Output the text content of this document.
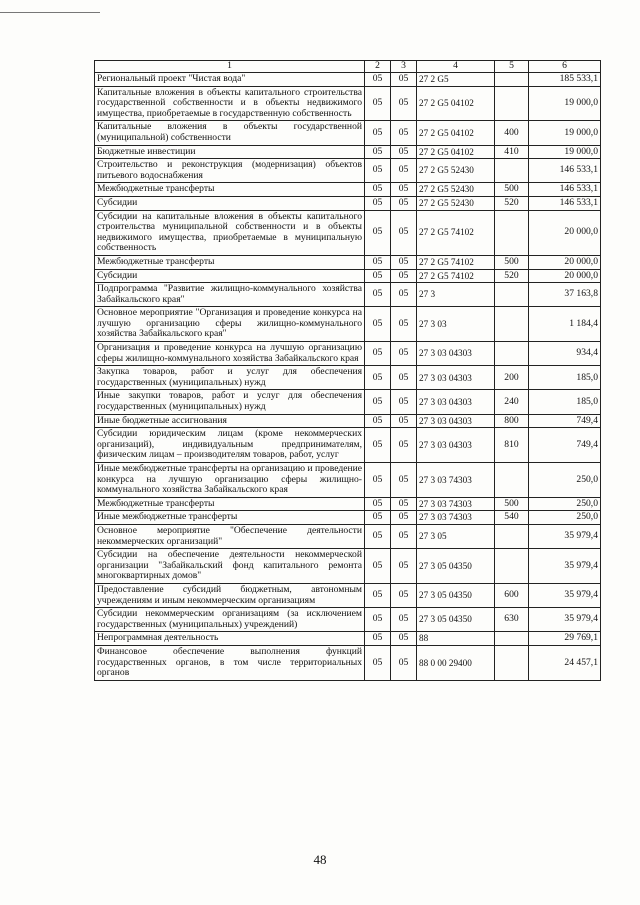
1	2	3	4	5	6
Региональный проект "Чистая вода"	05	05	27 2 G5		185 533,1
Капитальные вложения в объекты капитального строительства государственной собственности и в объекты недвижимого имущества, приобретаемые в государственную собственность	05	05	27 2 G5 04102		19 000,0
Капитальные вложения в объекты государственной (муниципальной) собственности	05	05	27 2 G5 04102	400	19 000,0
Бюджетные инвестиции	05	05	27 2 G5 04102	410	19 000,0
Строительство и реконструкция (модернизация) объектов питьевого водоснабжения	05	05	27 2 G5 52430		146 533,1
Межбюджетные трансферты	05	05	27 2 G5 52430	500	146 533,1
Субсидии	05	05	27 2 G5 52430	520	146 533,1
Субсидии на капитальные вложения в объекты капитального строительства муниципальной собственности и в объекты недвижимого имущества, приобретаемые в муниципальную собственность	05	05	27 2 G5 74102		20 000,0
Межбюджетные трансферты	05	05	27 2 G5 74102	500	20 000,0
Субсидии	05	05	27 2 G5 74102	520	20 000,0
Подпрограмма "Развитие жилищно-коммунального хозяйства Забайкальского края"	05	05	27 3		37 163,8
Основное мероприятие "Организация и проведение конкурса на лучшую организацию сферы жилищно-коммунального хозяйства Забайкальского края"	05	05	27 3 03		1 184,4
Организация и проведение конкурса на лучшую организацию сферы жилищно-коммунального хозяйства Забайкальского края	05	05	27 3 03 04303		934,4
Закупка товаров, работ и услуг для обеспечения государственных (муниципальных) нужд	05	05	27 3 03 04303	200	185,0
Иные закупки товаров, работ и услуг для обеспечения государственных (муниципальных) нужд	05	05	27 3 03 04303	240	185,0
Иные бюджетные ассигнования	05	05	27 3 03 04303	800	749,4
Субсидии юридическим лицам (кроме некоммерческих организаций), индивидуальным предпринимателям, физическим лицам – производителям товаров, работ, услуг	05	05	27 3 03 04303	810	749,4
Иные межбюджетные трансферты на организацию и проведение конкурса на лучшую организацию сферы жилищно-коммунального хозяйства Забайкальского края	05	05	27 3 03 74303		250,0
Межбюджетные трансферты	05	05	27 3 03 74303	500	250,0
Иные межбюджетные трансферты	05	05	27 3 03 74303	540	250,0
Основное мероприятие "Обеспечение деятельности некоммерческих организаций"	05	05	27 3 05		35 979,4
Субсидии на обеспечение деятельности некоммерческой организации "Забайкальский фонд капитального ремонта многоквартирных домов"	05	05	27 3 05 04350		35 979,4
Предоставление субсидий бюджетным, автономным учреждениям и иным некоммерческим организациям	05	05	27 3 05 04350	600	35 979,4
Субсидии некоммерческим организациям (за исключением государственных (муниципальных) учреждений)	05	05	27 3 05 04350	630	35 979,4
Непрограммная деятельность	05	05	88		29 769,1
Финансовое обеспечение выполнения функций государственных органов, в том числе территориальных органов	05	05	88 0 00 29400		24 457,1
48
